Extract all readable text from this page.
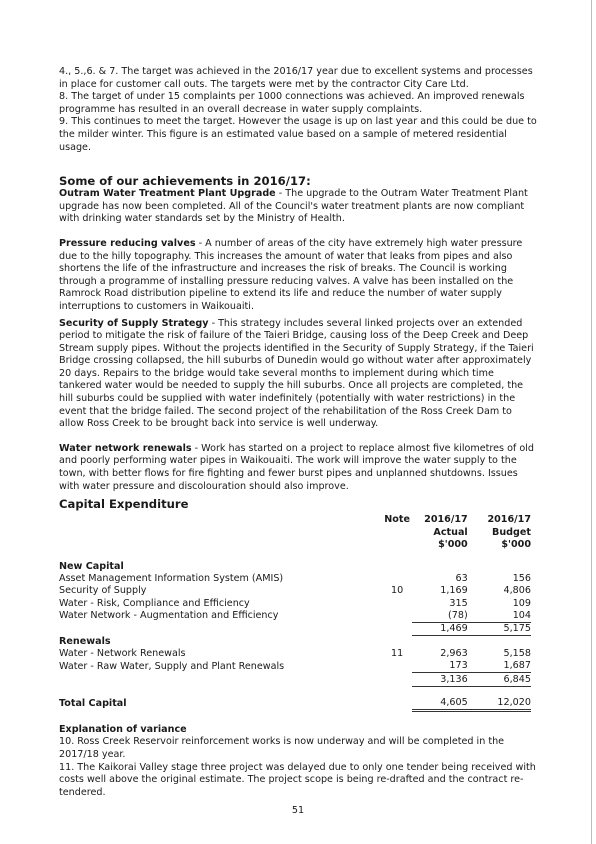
4., 5.,6. & 7. The target was achieved in the 2016/17 year due to excellent systems and processes in place for customer call outs. The targets were met by the contractor City Care Ltd.

8. The target of under 15 complaints per 1000 connections was achieved. An improved renewals programme has resulted in an overall decrease in water supply complaints.

9. This continues to meet the target. However the usage is up on last year and this could be due to the milder winter. This figure is an estimated value based on a sample of metered residential usage.

Some of our achievements in 2016/17:

Outram Water Treatment Plant Upgrade - The upgrade to the Outram Water Treatment Plant upgrade has now been completed. All of the Council's water treatment plants are now compliant with drinking water standards set by the Ministry of Health.

Pressure reducing valves - A number of areas of the city have extremely high water pressure due to the hilly topography. This increases the amount of water that leaks from pipes and also shortens the life of the infrastructure and increases the risk of breaks. The Council is working through a programme of installing pressure reducing valves. A valve has been installed on the Ramrock Road distribution pipeline to extend its life and reduce the number of water supply interruptions to customers in Waikouaiti.

Security of Supply Strategy - This strategy includes several linked projects over an extended period to mitigate the risk of failure of the Taieri Bridge, causing loss of the Deep Creek and Deep Stream supply pipes. Without the projects identified in the Security of Supply Strategy, if the Taieri Bridge crossing collapsed, the hill suburbs of Dunedin would go without water after approximately 20 days. Repairs to the bridge would take several months to implement during which time tankered water would be needed to supply the hill suburbs. Once all projects are completed, the hill suburbs could be supplied with water indefinitely (potentially with water restrictions) in the event that the bridge failed. The second project of the rehabilitation of the Ross Creek Dam to allow Ross Creek to be brought back into service is well underway.

Water network renewals - Work has started on a project to replace almost five kilometres of old and poorly performing water pipes in Waikouaiti. The work will improve the water supply to the town, with better flows for fire fighting and fewer burst pipes and unplanned shutdowns. Issues with water pressure and discolouration should also improve.

Capital Expenditure

	Note	2016/17	2016/17
		Actual	Budget
		$'000	$'000

New Capital			
Asset Management Information System (AMIS)		63	156
Security of Supply	10	1,169	4,806
Water - Risk, Compliance and Efficiency		315	109
Water Network - Augmentation and Efficiency		(78)	104
		1,469	5,175
Renewals			
Water - Network Renewals	11	2,963	5,158
Water - Raw Water, Supply and Plant Renewals		173	1,687
		3,136	6,845

Total Capital		4,605	12,020

Explanation of variance

10. Ross Creek Reservoir reinforcement works is now underway and will be completed in the 2017/18 year.

11. The Kaikorai Valley stage three project was delayed due to only one tender being received with costs well above the original estimate. The project scope is being re-drafted and the contract re-tendered.

51
